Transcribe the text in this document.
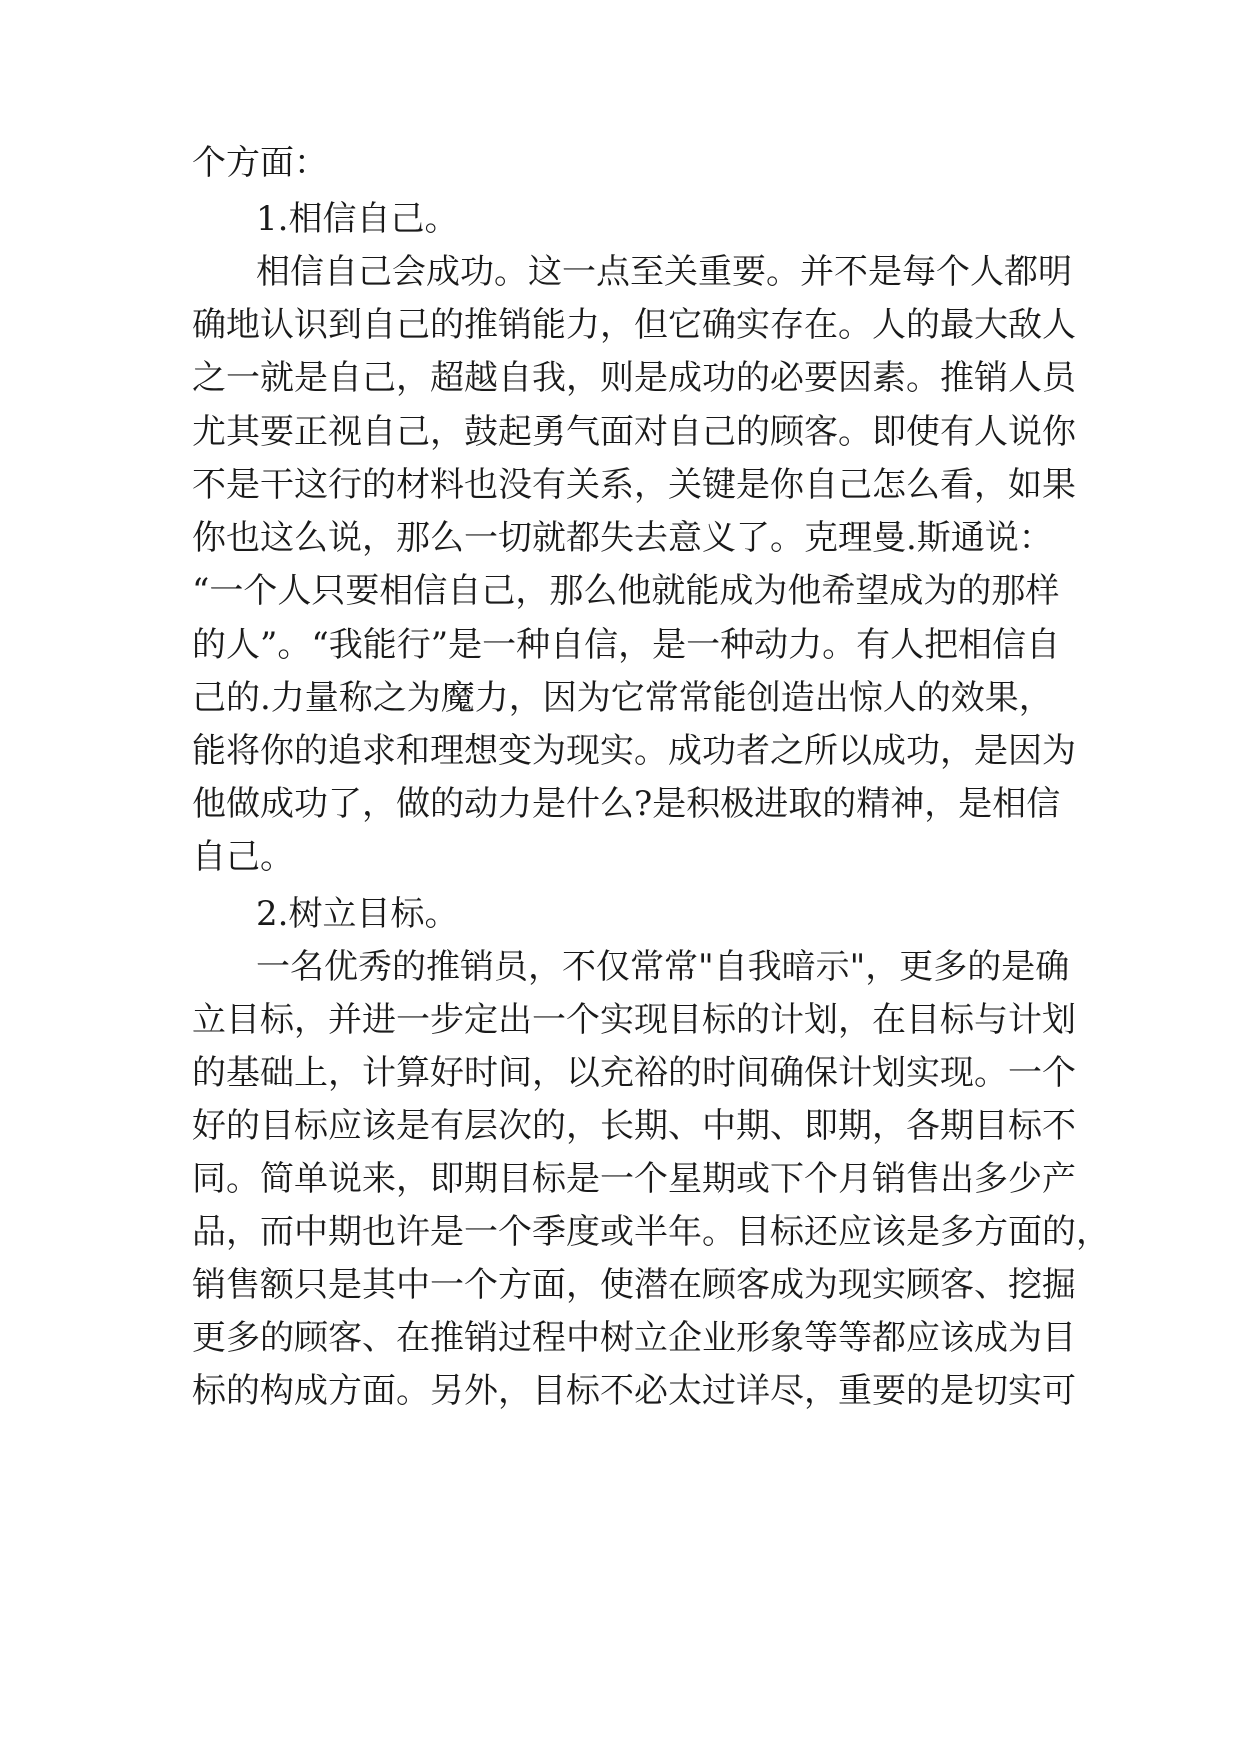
个方面：
1.相信自己。
相信自己会成功。这一点至关重要。并不是每个人都明
确地认识到自己的推销能力，但它确实存在。人的最大敌人
之一就是自己，超越自我，则是成功的必要因素。推销人员
尤其要正视自己，鼓起勇气面对自己的顾客。即使有人说你
不是干这行的材料也没有关系，关键是你自己怎么看，如果
你也这么说，那么一切就都失去意义了。克理曼.斯通说：
“一个人只要相信自己，那么他就能成为他希望成为的那样
的人”。“我能行”是一种自信，是一种动力。有人把相信自
己的.力量称之为魔力，因为它常常能创造出惊人的效果，
能将你的追求和理想变为现实。成功者之所以成功，是因为
他做成功了，做的动力是什么?是积极进取的精神，是相信
自己。
2.树立目标。
一名优秀的推销员，不仅常常"自我暗示"，更多的是确
立目标，并进一步定出一个实现目标的计划，在目标与计划
的基础上，计算好时间，以充裕的时间确保计划实现。一个
好的目标应该是有层次的，长期、中期、即期，各期目标不
同。简单说来，即期目标是一个星期或下个月销售出多少产
品，而中期也许是一个季度或半年。目标还应该是多方面的，
销售额只是其中一个方面，使潜在顾客成为现实顾客、挖掘
更多的顾客、在推销过程中树立企业形象等等都应该成为目
标的构成方面。另外，目标不必太过详尽，重要的是切实可
